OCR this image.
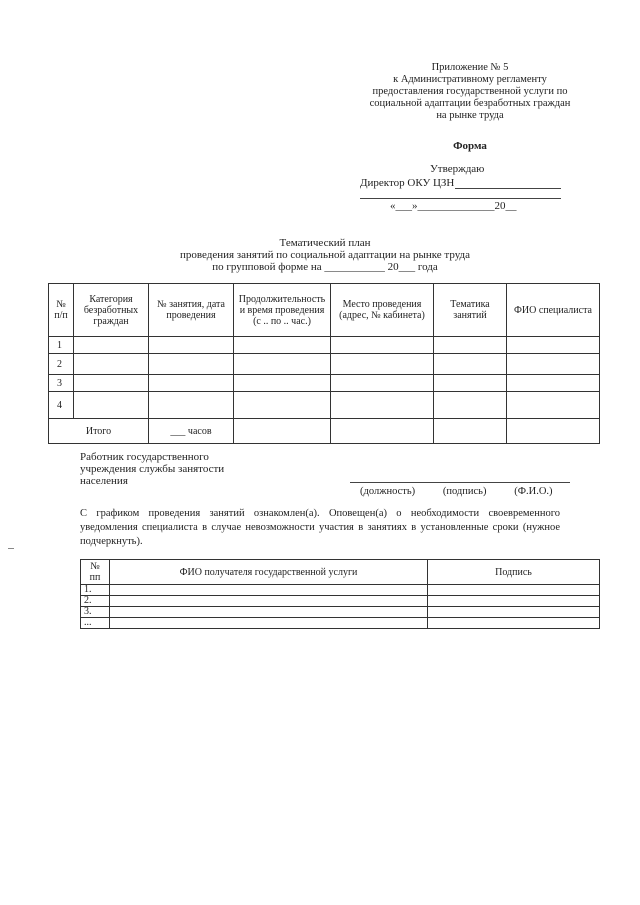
Приложение № 5
к Административному регламенту
предоставления государственной услуги по
социальной адаптации безработных граждан
на рынке труда
Форма
Утверждаю
Директор ОКУ ЦЗН
«___»______________20__
Тематический план
проведения занятий по социальной адаптации на рынке труда
по групповой форме на ___________ 20___ года
№ п/п	Категория безработных граждан	№ занятия, дата проведения	Продолжительность и время проведения (с .. по .. час.)	Место проведения (адрес, № кабинета)	Тематика занятий	ФИО специалиста
1						
2						
3						
4						
Итого		___ часов				
Работник государственного
учреждения службы занятости
населения
(должность)      (подпись)      (Ф.И.О.)
С графиком проведения занятий ознакомлен(а). Оповещен(а) о необходимости своевременного уведомления специалиста в случае невозможности участия в занятиях в установленные сроки (нужное подчеркнуть).
№ пп	ФИО получателя государственной услуги	Подпись
1.		
2.		
3.		
...		
